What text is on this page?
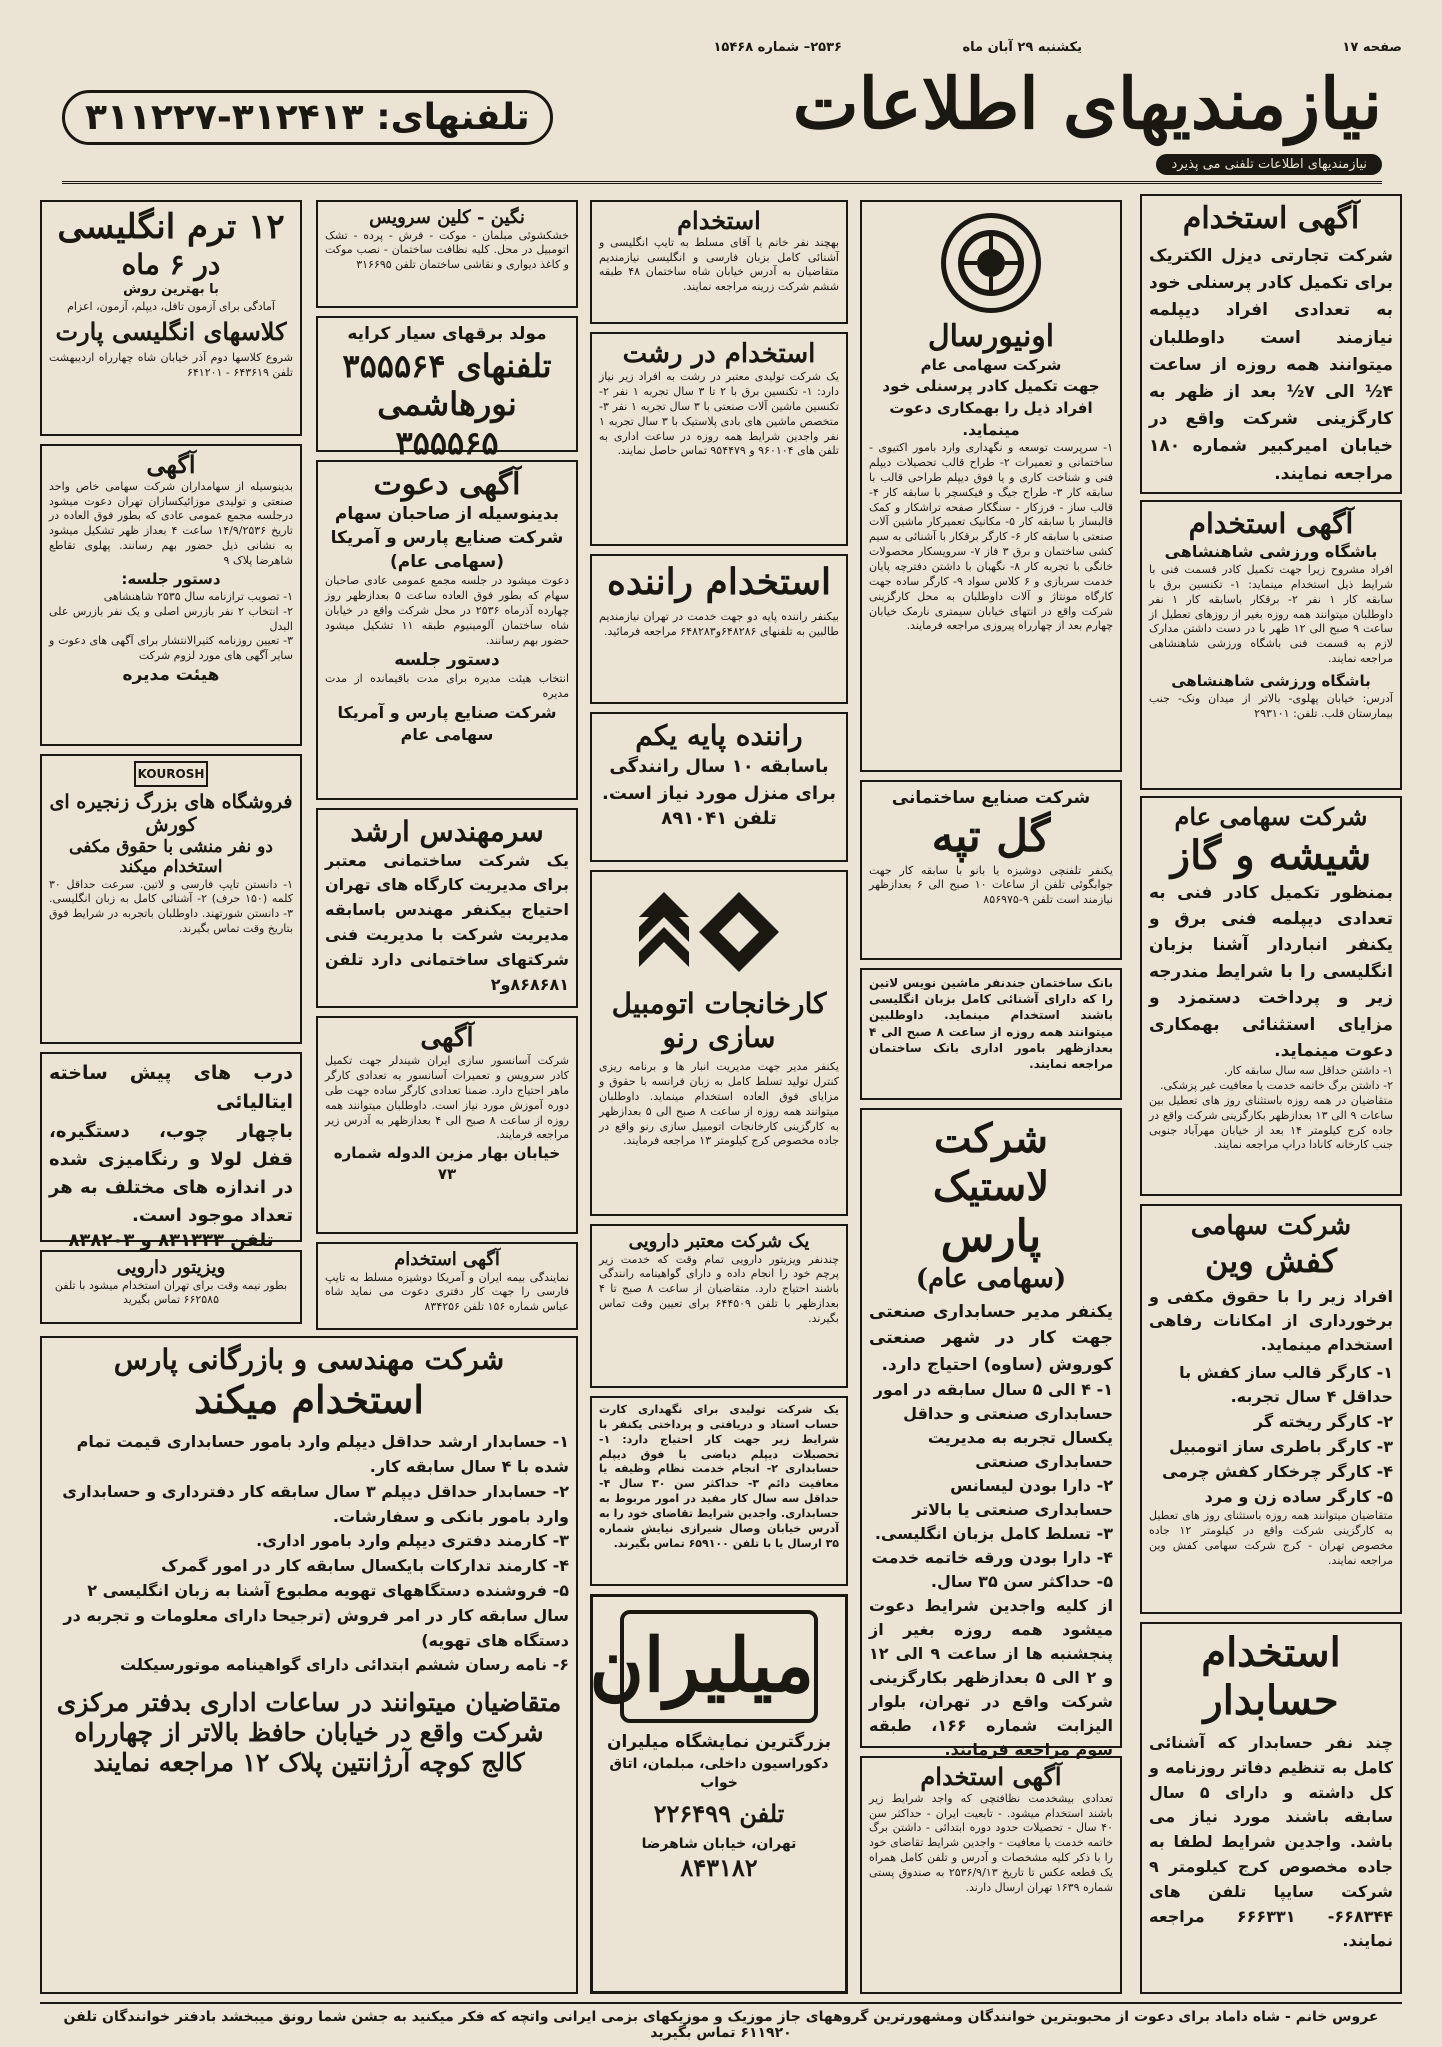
صفحه ۱۷
یکشنبه ۲۹ آبان ماه
۲۵۳۶– شماره ۱۵۴۶۸
نیازمندیهای اطلاعات
تلفنهای: ۳۱۲۴۱۳-۳۱۱۲۲۷
نیازمندیهای اطلاعات تلفنی می پذیرد
آگهی استخدام
شرکت تجارتی دیزل الکتریک برای تکمیل کادر پرسنلی خود به تعدادی افراد دیپلمه نیازمند است داوطلبان میتوانند همه روزه از ساعت ۴½ الی ۷½ بعد از ظهر به کارگزینی شرکت واقع در خیابان امیرکبیر شماره ۱۸۰ مراجعه نمایند.
آگهی استخدام
باشگاه ورزشی شاهنشاهی
افراد مشروح زیرا جهت تکمیل کادر قسمت فنی با شرایط ذیل استخدام مینماید: ۱- تکنسین برق با سابقه کار ۱ نفر ۲- برقکار باسابقه کار ۱ نفر داوطلبان میتوانند همه روزه بغیر از روزهای تعطیل از ساعت ۹ صبح الی ۱۲ ظهر با در دست داشتن مدارک لازم به قسمت فنی باشگاه ورزشی شاهنشاهی مراجعه نمایند.
باشگاه ورزشی شاهنشاهی
آدرس: خیابان پهلوی- بالاتر از میدان ونک- جنب بیمارستان قلب. تلفن: ۲۹۳۱۰۱
شرکت سهامی عام
شیشه و گاز
بمنظور تکمیل کادر فنی به تعدادی دیپلمه فنی برق و یکنفر انباردار آشنا بزبان انگلیسی را با شرایط مندرجه زیر و پرداخت دستمزد و مزایای استثنائی بهمکاری دعوت مینماید.
۱- داشتن حداقل سه سال سابقه کار.
۲- داشتن برگ خاتمه خدمت یا معافیت غیر پزشکی.
متقاضیان در همه روزه باستثنای روز های تعطیل بین ساعات ۹ الی ۱۳ بعدازظهر بکارگزینی شرکت واقع در جاده کرج کیلومتر ۱۴ بعد از خیابان مهرآباد جنوبی جنب کارخانه کانادا دراپ مراجعه نمایند.
شرکت سهامی
کفش وین
افراد زیر را با حقوق مکفی و برخورداری از امکانات رفاهی استخدام مینماید.
۱- کارگر قالب ساز کفش با حداقل ۴ سال تجربه.
۲- کارگر ریخته گر
۳- کارگر باطری ساز اتومبیل
۴- کارگر چرخکار کفش چرمی
۵- کارگر ساده زن و مرد
متقاضیان میتوانند همه روزه باستثنای روز های تعطیل به کارگزینی شرکت واقع در کیلومتر ۱۲ جاده مخصوص تهران - کرج شرکت سهامی کفش وین مراجعه نمایند.
استخدام
حسابدار
چند نفر حسابدار که آشنائی کامل به تنظیم دفاتر روزنامه و کل داشته و دارای ۵ سال سابقه باشند مورد نیاز می باشد. واجدین شرایط لطفا به جاده مخصوص کرج کیلومتر ۹ شرکت سایپا تلفن های ۶۶۸۳۴۴- ۶۶۶۳۳۱ مراجعه نمایند.
اونیورسال
شرکت سهامی عام
جهت تکمیل کادر پرسنلی خود افراد ذیل را بهمکاری دعوت مینماید.
۱- سرپرست توسعه و نگهداری وارد بامور اکتیوی - ساختمانی و تعمیرات ۲- طراح قالب تحصیلات دیپلم فنی و شناخت کاری و یا فوق دیپلم طراحی قالب با سابقه کار ۳- طراح جیگ و فیکسچر با سابقه کار ۴- قالب ساز - فرزکار - سنگکار صفحه تراشکار و کمک قالبساز با سابقه کار ۵- مکانیک تعمیرکار ماشین آلات صنعتی با سابقه کار ۶- کارگر برقکار با آشنائی به سیم کشی ساختمان و برق ۳ فاز ۷- سرویسکار محصولات خانگی با تجربه کار ۸- نگهبان با داشتن دفترچه پایان خدمت سربازی و ۶ کلاس سواد ۹- کارگر ساده جهت کارگاه مونتاژ و آلات داوطلبان به محل کارگزینی شرکت واقع در انتهای خیابان سیمتری نارمک خیابان چهارم بعد از چهارراه پیروزی مراجعه فرمایند.
شرکت صنایع ساختمانی
گل تپه
یکنفر تلفنچی دوشیزه یا بانو با سابقه کار جهت جوابگوئی تلفن از ساعات ۱۰ صبح الی ۶ بعدازظهر نیازمند است تلفن ۹-۸۵۶۹۷۵
بانک ساختمان جندنفر ماشین نویس لاتین را که دارای آشنائی کامل بزبان انگلیسی باشند استخدام مینماید. داوطلبین میتوانند همه روزه از ساعت ۸ صبح الی ۴ بعدازظهر بامور اداری بانک ساختمان مراجعه نمایند.
شرکت لاستیک
پارس
(سهامی عام)
یکنفر مدیر حسابداری صنعتی جهت کار در شهر صنعتی کوروش (ساوه) احتیاج دارد.
۱- ۴ الی ۵ سال سابقه در امور حسابداری صنعتی و حداقل یکسال تجربه به مدیریت حسابداری صنعتی
۲- دارا بودن لیسانس حسابداری صنعتی یا بالاتر
۳- تسلط کامل بزبان انگلیسی.
۴- دارا بودن ورقه خاتمه خدمت
۵- حداکثر سن ۳۵ سال.
از کلیه واجدین شرایط دعوت میشود همه روزه بغیر از پنجشنبه ها از ساعت ۹ الی ۱۲ و ۲ الی ۵ بعدازظهر بکارگزینی شرکت واقع در تهران، بلوار الیزابت شماره ۱۶۶، طبقه سوم مراجعه فرمایند.
آگهی استخدام
تعدادی بیشخدمت نظافتچی که واجد شرایط زیر باشند استخدام میشود. - تابعیت ایران - حداکثر سن ۴۰ سال - تحصیلات حدود دوره ابتدائی - داشتن برگ خاتمه خدمت یا معافیت - واجدین شرایط تقاضای خود را با ذکر کلیه مشخصات و آدرس و تلفن کامل همراه یک قطعه عکس تا تاریخ ۲۵۳۶/۹/۱۳ به صندوق پستی شماره ۱۶۳۹ تهران ارسال دارند.
استخدام
بهچند نفر خانم یا آقای مسلط به تایپ انگلیسی و آشنائی کامل بزبان فارسی و انگلیسی نیازمندیم متقاضیان به آدرس خیابان شاه ساختمان ۴۸ طبقه ششم شرکت زرینه مراجعه نمایند.
استخدام در رشت
یک شرکت تولیدی معتبر در رشت به افراد زیر نیاز دارد: ۱- تکنسین برق با ۲ تا ۳ سال تجربه ۱ نفر ۲- تکنسین ماشین آلات صنعتی با ۳ سال تجربه ۱ نفر ۳- متخصص ماشین های بادی پلاستیک با ۳ سال تجربه ۱ نفر واجدین شرایط همه روزه در ساعت اداری به تلفن های ۹۶۰۱۰۴ و ۹۵۴۴۷۹ تماس حاصل نمایند.
استخدام راننده
بیکنفر راننده پایه دو جهت خدمت در تهران نیازمندیم طالبین به تلفنهای ۶۴۸۲۸۶و۶۴۸۲۸۳ مراجعه فرمائید.
راننده پایه یکم
باسابقه ۱۰ سال رانندگی برای منزل مورد نیاز است.
تلفن ۸۹۱۰۴۱
کارخانجات اتومبیل سازی رنو
یکنفر مدیر جهت مدیریت انبار ها و برنامه ریزی کنترل تولید تسلط کامل به زبان فرانسه با حقوق و مزایای فوق العاده استخدام مینماید. داوطلبان میتوانند همه روزه از ساعت ۸ صبح الی ۵ بعدازظهر به کارگزینی کارخانجات اتومبیل سازی رنو واقع در جاده مخصوص کرج کیلومتر ۱۳ مراجعه فرمایند.
یک شرکت معتبر دارویی
چندنفر ویزیتور دارویی تمام وقت که خدمت زیر پرچم خود را انجام داده و دارای گواهینامه رانندگی باشند احتیاج دارد. متقاضیان از ساعت ۸ صبح تا ۴ بعدازظهر با تلفن ۶۴۴۵۰۹ برای تعیین وقت تماس بگیرند.
یک شرکت تولیدی برای نگهداری کارت حساب استاد و دریافتی و پرداختی یکنفر با شرایط زیر جهت کار احتیاج دارد: ۱- تحصیلات دیپلم دیاضی یا فوق دیپلم حسابداری ۲- انجام خدمت نظام وظیفه یا معافیت دائم ۳- حداکثر سن ۳۰ سال ۴- حداقل سه سال کار مفید در امور مربوط به حسابداری. واجدین شرایط تقاضای خود را به آدرس خیابان وصال شیرازی نیایش شماره ۳۵ ارسال یا با تلفن ۶۵۹۱۰۰ تماس بگیرند.
میلیران
بزرگترین نمایشگاه میلیران
دکوراسیون داخلی، مبلمان، اتاق خواب
تلفن ۲۲۶۴۹۹
تهران، خیابان شاهرضا
۸۴۳۱۸۲
نگین - کلین سرویس
خشکشوئی مبلمان - موکت - فرش - پرده - تشک اتومبیل در محل. کلیه نظافت ساختمان - نصب موکت و کاغذ دیواری و نقاشی ساختمان تلفن ۳۱۶۶۹۵
مولد برقهای سیار کرایه
تلفنهای ۳۵۵۵۶۴
نورهاشمی ۳۵۵۵۶۵
آگهی دعوت
بدینوسیله از صاحبان سهام شرکت صنایع پارس و آمریکا (سهامی عام)
دعوت میشود در جلسه مجمع عمومی عادی صاحبان سهام که بطور فوق العاده ساعت ۵ بعدازظهر روز چهارده آذرماه ۲۵۳۶ در محل شرکت واقع در خیابان شاه ساختمان آلومینیوم طبقه ۱۱ تشکیل میشود حضور بهم رسانند.
دستور جلسه
انتخاب هیئت مدیره برای مدت باقیمانده از مدت مدیره
شرکت صنایع پارس و آمریکا سهامی عام
سرمهندس ارشد
یک شرکت ساختمانی معتبر برای مدیریت کارگاه های تهران احتیاج بیکنفر مهندس باسابقه مدیریت شرکت با مدیریت فنی شرکتهای ساختمانی دارد تلفن ۸۶۸۶۸۱و۲
آگهی
شرکت آسانسور سازی ایران شیندلر جهت تکمیل کادر سرویس و تعمیرات آسانسور به تعدادی کارگر ماهر احتیاج دارد. ضمنا تعدادی کارگر ساده جهت طی دوره آموزش مورد نیاز است. داوطلبان میتوانند همه روزه از ساعت ۸ صبح الی ۴ بعدازظهر به آدرس زیر مراجعه فرمایند.
خیابان بهار مزین الدوله شماره ۷۳
آگهی استخدام
نمایندگی بیمه ایران و آمریکا دوشیزه مسلط به تایپ فارسی را جهت کار دفتری دعوت می نماید شاه عباس شماره ۱۵۶ تلفن ۸۳۴۲۵۶
۱۲ ترم انگلیسی
در ۶ ماه
با بهترین روش
آمادگی برای آزمون تافل، دیپلم، آزمون، اعزام
کلاسهای انگلیسی پارت
شروع کلاسها دوم آذر خیابان شاه چهارراه اردیبهشت تلفن ۶۴۳۶۱۹ - ۶۴۱۲۰۱
آگهی
بدینوسیله از سهامداران شرکت سهامی خاص واحد صنعتی و تولیدی موزائیکسازان تهران دعوت میشود درجلسه مجمع عمومی عادی که بطور فوق العاده در تاریخ ۱۴/۹/۲۵۳۶ ساعت ۴ بعداز ظهر تشکیل میشود به نشانی ذیل حضور بهم رسانند. پهلوی تقاطع شاهرضا پلاک ۹
دستور جلسه:
۱- تصویب ترازنامه سال ۲۵۳۵ شاهنشاهی
۲- انتخاب ۲ نفر بازرس اصلی و یک نفر بازرس علی البدل
۳- تعیین روزنامه کثیرالانتشار برای آگهی های دعوت و سایر آگهی های مورد لزوم شرکت
هیئت مدیره
KOUROSH
فروشگاه های بزرگ زنجیره ای کورش
دو نفر منشی با حقوق مکفی استخدام میکند
۱- دانستن تایپ فارسی و لاتین. سرعت حداقل ۳۰ کلمه (۱۵۰ حرف) ۲- آشنائی کامل به زبان انگلیسی. ۳- دانستن شورتهند. داوطلبان باتجربه در شرایط فوق بتاریخ وقت تماس بگیرند.
درب های پیش ساخته ایتالیائی
باچهار چوب، دستگیره، قفل لولا و رنگامیزی شده در اندازه های مختلف به هر تعداد موجود است.
تلفن ۸۳۱۳۳۳ و ۸۳۸۲۰۳
ویزیتور دارویی
بطور نیمه وقت برای تهران استخدام میشود با تلفن ۶۶۲۵۸۵ تماس بگیرید
شرکت مهندسی و بازرگانی پارس
استخدام میکند
۱- حسابدار ارشد حداقل دیپلم وارد بامور حسابداری قیمت تمام شده با ۴ سال سابقه کار.
۲- حسابدار حداقل دیپلم ۳ سال سابقه کار دفترداری و حسابداری وارد بامور بانکی و سفارشات.
۳- کارمند دفتری دیپلم وارد بامور اداری.
۴- کارمند تدارکات بایکسال سابقه کار در امور گمرک
۵- فروشنده دستگاههای تهویه مطبوع آشنا به زبان انگلیسی ۲ سال سابقه کار در امر فروش (ترجیحا دارای معلومات و تجربه در دستگاه های تهویه)
۶- نامه رسان ششم ابتدائی دارای گواهینامه موتورسیکلت
متقاضیان میتوانند در ساعات اداری بدفتر مرکزی
شرکت واقع در خیابان حافظ بالاتر از چهارراه
کالج کوچه آرژانتین پلاک ۱۲ مراجعه نمایند
عروس خانم - شاه داماد برای دعوت از محبوبترین خوانندگان ومشهورترین گروههای جاز موزیک و موزیکهای بزمی ایرانی واتچه که فکر میکنید به جشن شما رونق میبخشد بادفتر خوانندگان تلفن ۶۱۱۹۲۰ تماس بگیرید
